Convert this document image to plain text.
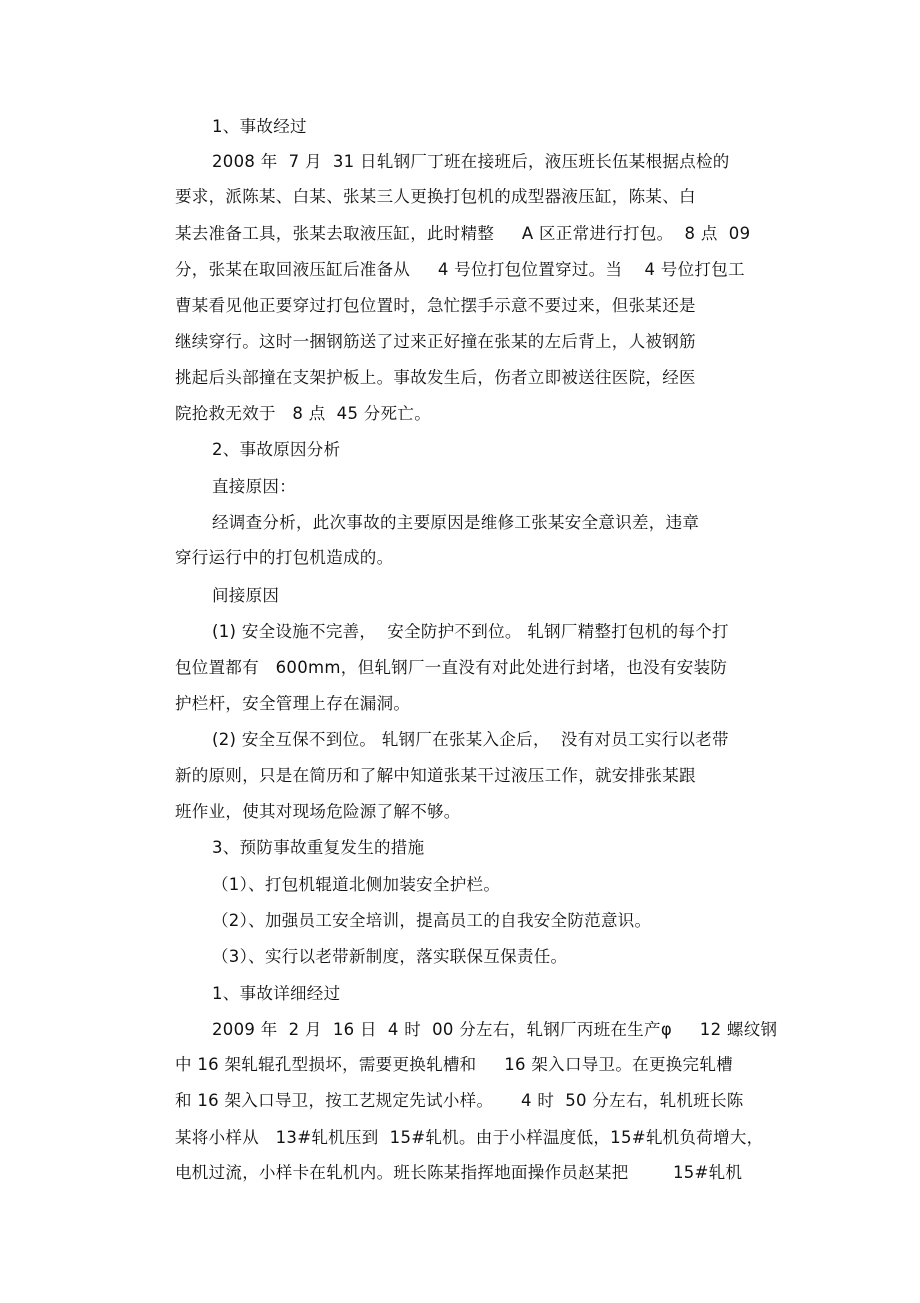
1、事故经过
2008 年  7 月  31 日轧钢厂丁班在接班后，液压班长伍某根据点检的
要求，派陈某、白某、张某三人更换打包机的成型器液压缸，陈某、白
某去准备工具，张某去取液压缸，此时精整     A 区正常进行打包。  8 点  09
分，张某在取回液压缸后准备从     4 号位打包位置穿过。当    4 号位打包工
曹某看见他正要穿过打包位置时，急忙摆手示意不要过来，但张某还是
继续穿行。这时一捆钢筋送了过来正好撞在张某的左后背上，人被钢筋
挑起后头部撞在支架护板上。事故发生后，伤者立即被送往医院，经医
院抢救无效于   8 点  45 分死亡。
2、事故原因分析
直接原因：
经调查分析，此次事故的主要原因是维修工张某安全意识差，违章
穿行运行中的打包机造成的。
间接原因
(1) 安全设施不完善，  安全防护不到位。 轧钢厂精整打包机的每个打
包位置都有   600mm，但轧钢厂一直没有对此处进行封堵，也没有安装防
护栏杆，安全管理上存在漏洞。
(2) 安全互保不到位。 轧钢厂在张某入企后，  没有对员工实行以老带
新的原则，只是在简历和了解中知道张某干过液压工作，就安排张某跟
班作业，使其对现场危险源了解不够。
3、预防事故重复发生的措施
（1）、打包机辊道北侧加装安全护栏。
（2）、加强员工安全培训，提高员工的自我安全防范意识。
（3）、实行以老带新制度，落实联保互保责任。
1、事故详细经过
2009 年  2 月  16 日  4 时  00 分左右，轧钢厂丙班在生产φ     12 螺纹钢
中 16 架轧辊孔型损坏，需要更换轧槽和     16 架入口导卫。在更换完轧槽
和 16 架入口导卫，按工艺规定先试小样。     4 时  50 分左右，轧机班长陈
某将小样从   13#轧机压到  15#轧机。由于小样温度低，15#轧机负荷增大，
电机过流，小样卡在轧机内。班长陈某指挥地面操作员赵某把        15#轧机
